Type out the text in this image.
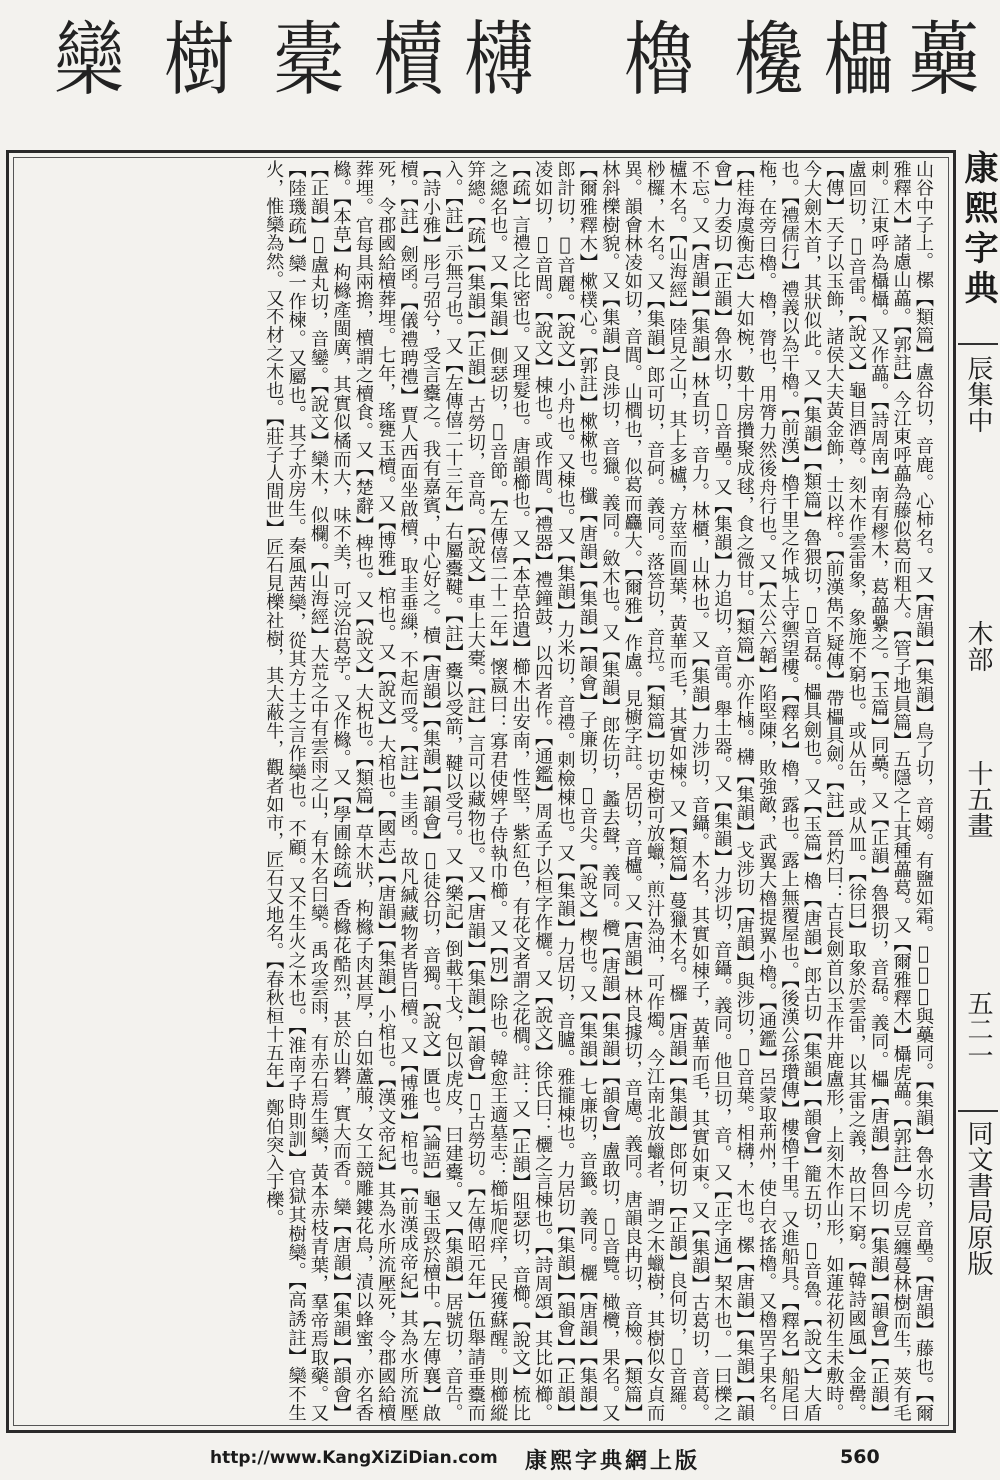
欒 樹 橐 櫝 欂 櫓 欃 櫑 蘽

山谷中子上。樏【類篇】盧谷切，音鹿。心柿名。又【唐韻】【集韻】鳥了切，音嫋。有鹽如霜。𣛙𣛙𣛙與蘽同。【集韻】魯水切，音壘。【唐韻】藤也。【爾雅釋木】諸慮山藟。【郭註】今江東呼藟為藤似葛而粗大。【管子地員篇】五隱之上其種藟葛。又【爾雅釋木】欇虎藟。【郭註】今虎豆纏蔓林樹而生，莢有毛刺。江東呼為欇欇。又作藟。【詩周南】南有樛木，葛藟纍之。【玉篇】同蘽。又【正韻】魯猥切，音磊。義同。櫑【唐韻】魯回切【集韻】【韻會】【正韻】盧回切，𠀤音雷。【說文】龜目酒尊。刻木作雲雷象，象施不窮也。或从缶，或从皿。【徐曰】取象於雲雷，以其雷之義，故曰不窮。【韓詩國風】金罍。【傳】天子以玉飾，諸侯大夫黃金飾，士以梓。【前漢雋不疑傳】帶櫑具劍。【註】晉灼曰：古長劍首以玉作井鹿盧形，上刻木作山形，如蓮花初生未敷時。今大劍木首，其狀似此。又【集韻】【類篇】魯猥切，𠀤音磊。櫑具劍也。又【玉篇】櫓【唐韻】郎古切【集韻】【韻會】籠五切，𠀤音魯。【說文】大盾也。【禮儒行】禮義以為干櫓。【前漢】櫓千里之作城上守禦望樓。【釋名】櫓，露也。露上無覆屋也。【後漢公孫瓚傳】樓櫓千里。又進船具。【釋名】船尾曰柂，在旁曰櫓。櫓，膂也，用膂力然後舟行也。又【太公六韜】陷堅陳，敗強敵，武翼大櫓提翼小櫓。【通鑑】呂蒙取荊州，使白衣搖櫓。又櫓罟子果名。【桂海虞衡志】大如椀，數十房攢聚成毬，食之微甘。【類篇】亦作樐。欂【集韻】戈涉切【唐韻】與涉切，𠀤音葉。相欂，木也。樏【唐韻】【集韻】【韻會】力委切【正韻】魯水切，𠀤音壘。又【集韻】力追切，音雷。舉土器。又【集韻】力涉切，音鑷。義同。他旦切，音。又【正字通】栔木也。一曰櫟之不忘。又【唐韻】【集韻】林直切，音力。林櫃，山林也。又【集韻】力涉切，音鑷。木名，其實如棟子，黃華而毛，其實如東。又【集韻】古葛切，音葛。櫨木名。【山海經】陸見之山，其上多櫨，方莖而圓葉，黃華而毛，其實如楝。又【類篇】蔓獵木名。欏【唐韻】【集韻】郎何切【正韻】良何切，𠀤音羅。桫欏，木名。又【集韻】郎可切，音砢。義同。落答切，音拉。【類篇】切吏樹可放蠟，煎汁為油，可作燭。今江南北放蠟者，謂之木蠟樹，其樹似女貞而異。韻會林凌如切，音閭。山櫚也，似葛而麤大。【爾雅】作盧。見櫥字註。居切，音櫨。又【唐韻】林良據切，音慮。義同。唐韻良冉切，音檢。【類篇】林斜櫟樹貌。又【集韻】良渉切，音獵。義同。斂木也。又【集韻】郎佐切，蠡去聲，義同。欖【唐韻】【集韻】【韻會】盧敢切，𠀤音覽。橄欖，果名。又【爾雅釋木】樕樸心。【郭註】樕樕也。櫼【唐韻】【集韻】【韻會】子廉切，𠀤音尖。【說文】楔也。又【集韻】七廉切，音籤。義同。欐【唐韻】【集韻】郎計切，𠀤音麗。【說文】小舟也。又棟也。又【集韻】力米切，音禮。刺檢棟也。又【集韻】力居切，音臚。雅攏棟也。力居切【集韻】【韻會】【正韻】凌如切，𠀤音閭。【說文】棟也。或作閭。【禮器】禮鐘鼓，以四者作。【通鑑】周孟子以桓字作欐。又【說文】徐氏曰：欐之言棟也。【詩周頌】其比如櫛。【疏】言禮之比密也。又理髮也。唐韻櫛也。又【本草拾遺】櫛木出安南，性堅，紫紅色，有花文者謂之花櫚。註：又【正韻】阻瑟切，音櫛。【說文】梳比之總名也。又【集韻】側瑟切，𠀤音節。【左傳僖二十二年】懷嬴曰：寡君使婢子侍執巾櫛。又【別】除也。韓愈王適墓志：櫛垢爬痒，民獲蘇醒。則櫛縱笄總。【疏】【集韻】【正韻】古勞切，音高。【說文】車上大橐。【註】言可以藏物也。又【唐韻】【集韻】【韻會】𠀤古勞切。【左傳昭元年】伍舉請垂櫜而入。【註】示無弓也。又【左傳僖二十三年】右屬櫜鞬。【註】櫜以受箭，鞬以受弓。又【樂記】倒載干戈，包以虎皮，曰建櫜。又【集韻】居號切，音告。【詩小雅】彤弓弨兮，受言櫜之。我有嘉賓，中心好之。櫝【唐韻】【集韻】【韻會】𠀤徒谷切，音獨。【說文】匱也。【論語】龜玉毀於櫝中。【左傳襄】啟櫝。【註】劍函。【儀禮聘禮】賈人西面坐啟櫝，取圭垂繅，不起而受。【註】圭函。故凡緘藏物者皆曰櫝。又【博雅】棺也。【前漢成帝紀】其為水所流壓死，令郡國給櫝葬埋。七年，瑤甕玉櫝。又【博雅】棺也。又【說文】大棺也。【國志】【唐韻】【集韻】小棺也。【漢文帝紀】其為水所流壓死，令郡國給櫝葬埋。官每具兩擔，櫝謂之櫝食。又【楚辭】椑也。又【說文】大柷也。【類篇】草木狀，枸櫞子肉甚厚，白如蘆菔，女工競雕鏤花鳥，漬以蜂蜜，亦名香櫞。【本草】枸櫞產閩廣，其實似橘而大，味不美，可浣治葛苧。又作櫞。又【學圃餘疏】香櫞花酷烈，甚於山礬，實大而香。欒【唐韻】【集韻】【韻會】【正韻】𠀤盧丸切，音鑾。【說文】欒木，似欄。【山海經】大荒之中有雲雨之山，有木名曰欒。禹攻雲雨，有赤石焉生欒，黃本赤枝青葉，羣帝焉取藥。又【陸璣疏】欒一作楝。又屬也。其子亦房生。秦風茜欒，從其方土之言作欒也。不顧。又不生火之木也。【淮南子時則訓】官獄其樹欒。【高誘註】欒不生火，惟欒為然。又不材之木也。【莊子人間世】匠石見櫟社樹，其大蔽牛，觀者如市，匠石又地名。【春秋桓十五年】鄭伯突入于櫟。	康熙字典
辰集中
木部
十五畫
五二一
同文書局原版
http://www.KangXiZiDian.com 康熙字典網上版	560
